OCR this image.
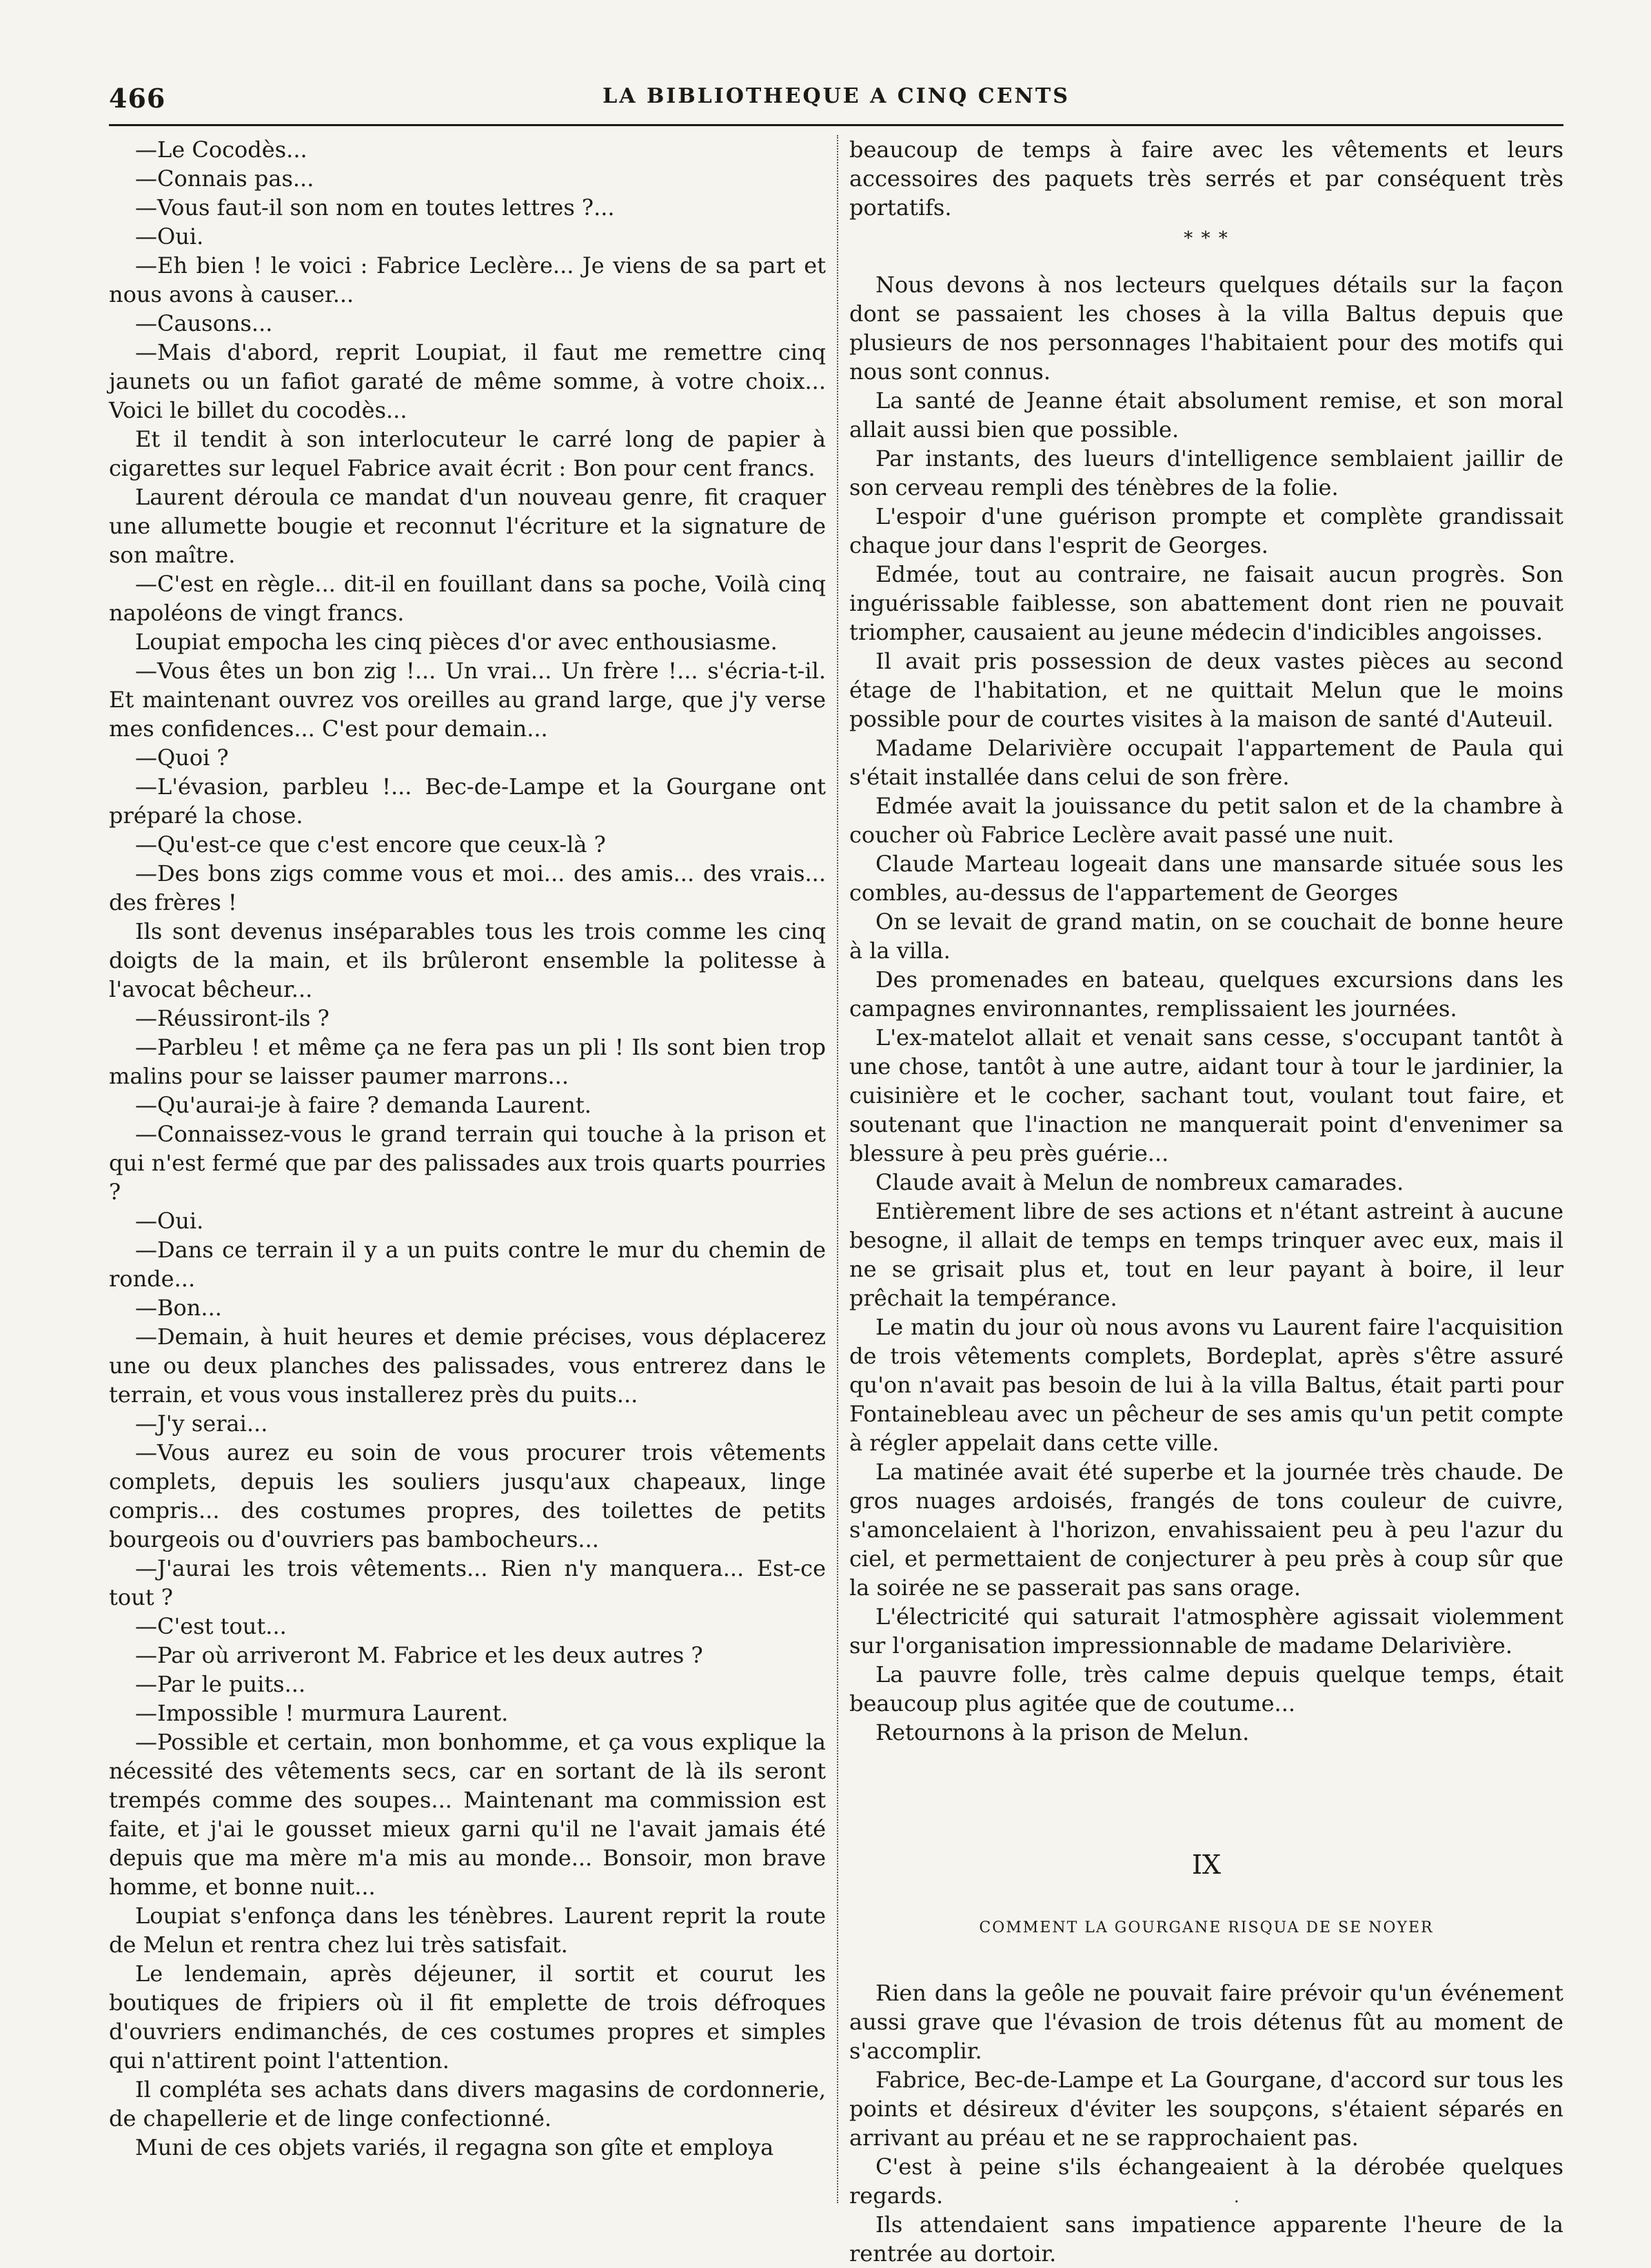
466	LA BIBLIOTHEQUE A CINQ CENTS

—Le Cocodès...

—Connais pas...

—Vous faut-il son nom en toutes lettres ?...

—Oui.

—Eh bien ! le voici : Fabrice Leclère... Je viens de sa part et nous avons à causer...

—Causons...

—Mais d'abord, reprit Loupiat, il faut me remettre cinq jaunets ou un fafiot garaté de même somme, à votre choix... Voici le billet du cocodès...

Et il tendit à son interlocuteur le carré long de papier à cigarettes sur lequel Fabrice avait écrit : Bon pour cent francs.

Laurent déroula ce mandat d'un nouveau genre, fit craquer une allumette bougie et reconnut l'écriture et la signature de son maître.

—C'est en règle... dit-il en fouillant dans sa poche, Voilà cinq napoléons de vingt francs.

Loupiat empocha les cinq pièces d'or avec enthousiasme.

—Vous êtes un bon zig !... Un vrai... Un frère !... s'écria-t-il. Et maintenant ouvrez vos oreilles au grand large, que j'y verse mes confidences... C'est pour demain...

—Quoi ?

—L'évasion, parbleu !... Bec-de-Lampe et la Gourgane ont préparé la chose.

—Qu'est-ce que c'est encore que ceux-là ?

—Des bons zigs comme vous et moi... des amis... des vrais... des frères !

Ils sont devenus inséparables tous les trois comme les cinq doigts de la main, et ils brûleront ensemble la politesse à l'avocat bêcheur...

—Réussiront-ils ?

—Parbleu ! et même ça ne fera pas un pli ! Ils sont bien trop malins pour se laisser paumer marrons...

—Qu'aurai-je à faire ? demanda Laurent.

—Connaissez-vous le grand terrain qui touche à la prison et qui n'est fermé que par des palissades aux trois quarts pourries ?

—Oui.

—Dans ce terrain il y a un puits contre le mur du chemin de ronde...

—Bon...

—Demain, à huit heures et demie précises, vous déplacerez une ou deux planches des palissades, vous entrerez dans le terrain, et vous vous installerez près du puits...

—J'y serai...

—Vous aurez eu soin de vous procurer trois vêtements complets, depuis les souliers jusqu'aux chapeaux, linge compris... des costumes propres, des toilettes de petits bourgeois ou d'ouvriers pas bambocheurs...

—J'aurai les trois vêtements... Rien n'y manquera... Est-ce tout ?

—C'est tout...

—Par où arriveront M. Fabrice et les deux autres ?

—Par le puits...

—Impossible ! murmura Laurent.

—Possible et certain, mon bonhomme, et ça vous explique la nécessité des vêtements secs, car en sortant de là ils seront trempés comme des soupes... Maintenant ma commission est faite, et j'ai le gousset mieux garni qu'il ne l'avait jamais été depuis que ma mère m'a mis au monde... Bonsoir, mon brave homme, et bonne nuit...

Loupiat s'enfonça dans les ténèbres. Laurent reprit la route de Melun et rentra chez lui très satisfait.

Le lendemain, après déjeuner, il sortit et courut les boutiques de fripiers où il fit emplette de trois défroques d'ouvriers endimanchés, de ces costumes propres et simples qui n'attirent point l'attention.

Il compléta ses achats dans divers magasins de cordonnerie, de chapellerie et de linge confectionné.

Muni de ces objets variés, il regagna son gîte et employa

beaucoup de temps à faire avec les vêtements et leurs accessoires des paquets très serrés et par conséquent très portatifs.

* * *

Nous devons à nos lecteurs quelques détails sur la façon dont se passaient les choses à la villa Baltus depuis que plusieurs de nos personnages l'habitaient pour des motifs qui nous sont connus.

La santé de Jeanne était absolument remise, et son moral allait aussi bien que possible.

Par instants, des lueurs d'intelligence semblaient jaillir de son cerveau rempli des ténèbres de la folie.

L'espoir d'une guérison prompte et complète grandissait chaque jour dans l'esprit de Georges.

Edmée, tout au contraire, ne faisait aucun progrès. Son inguérissable faiblesse, son abattement dont rien ne pouvait triompher, causaient au jeune médecin d'indicibles angoisses.

Il avait pris possession de deux vastes pièces au second étage de l'habitation, et ne quittait Melun que le moins possible pour de courtes visites à la maison de santé d'Auteuil.

Madame Delarivière occupait l'appartement de Paula qui s'était installée dans celui de son frère.

Edmée avait la jouissance du petit salon et de la chambre à coucher où Fabrice Leclère avait passé une nuit.

Claude Marteau logeait dans une mansarde située sous les combles, au-dessus de l'appartement de Georges

On se levait de grand matin, on se couchait de bonne heure à la villa.

Des promenades en bateau, quelques excursions dans les campagnes environnantes, remplissaient les journées.

L'ex-matelot allait et venait sans cesse, s'occupant tantôt à une chose, tantôt à une autre, aidant tour à tour le jardinier, la cuisinière et le cocher, sachant tout, voulant tout faire, et soutenant que l'inaction ne manquerait point d'envenimer sa blessure à peu près guérie...

Claude avait à Melun de nombreux camarades.

Entièrement libre de ses actions et n'étant astreint à aucune besogne, il allait de temps en temps trinquer avec eux, mais il ne se grisait plus et, tout en leur payant à boire, il leur prêchait la tempérance.

Le matin du jour où nous avons vu Laurent faire l'acquisition de trois vêtements complets, Bordeplat, après s'être assuré qu'on n'avait pas besoin de lui à la villa Baltus, était parti pour Fontainebleau avec un pêcheur de ses amis qu'un petit compte à régler appelait dans cette ville.

La matinée avait été superbe et la journée très chaude. De gros nuages ardoisés, frangés de tons couleur de cuivre, s'amoncelaient à l'horizon, envahissaient peu à peu l'azur du ciel, et permettaient de conjecturer à peu près à coup sûr que la soirée ne se passerait pas sans orage.

L'électricité qui saturait l'atmosphère agissait violemment sur l'organisation impressionnable de madame Delarivière.

La pauvre folle, très calme depuis quelque temps, était beaucoup plus agitée que de coutume...

Retournons à la prison de Melun.

IX
COMMENT LA GOURGANE RISQUA DE SE NOYER

Rien dans la geôle ne pouvait faire prévoir qu'un événement aussi grave que l'évasion de trois détenus fût au moment de s'accomplir.

Fabrice, Bec-de-Lampe et La Gourgane, d'accord sur tous les points et désireux d'éviter les soupçons, s'étaient séparés en arrivant au préau et ne se rapprochaient pas.

C'est à peine s'ils échangeaient à la dérobée quelques regards.

Ils attendaient sans impatience apparente l'heure de la rentrée au dortoir.

·
